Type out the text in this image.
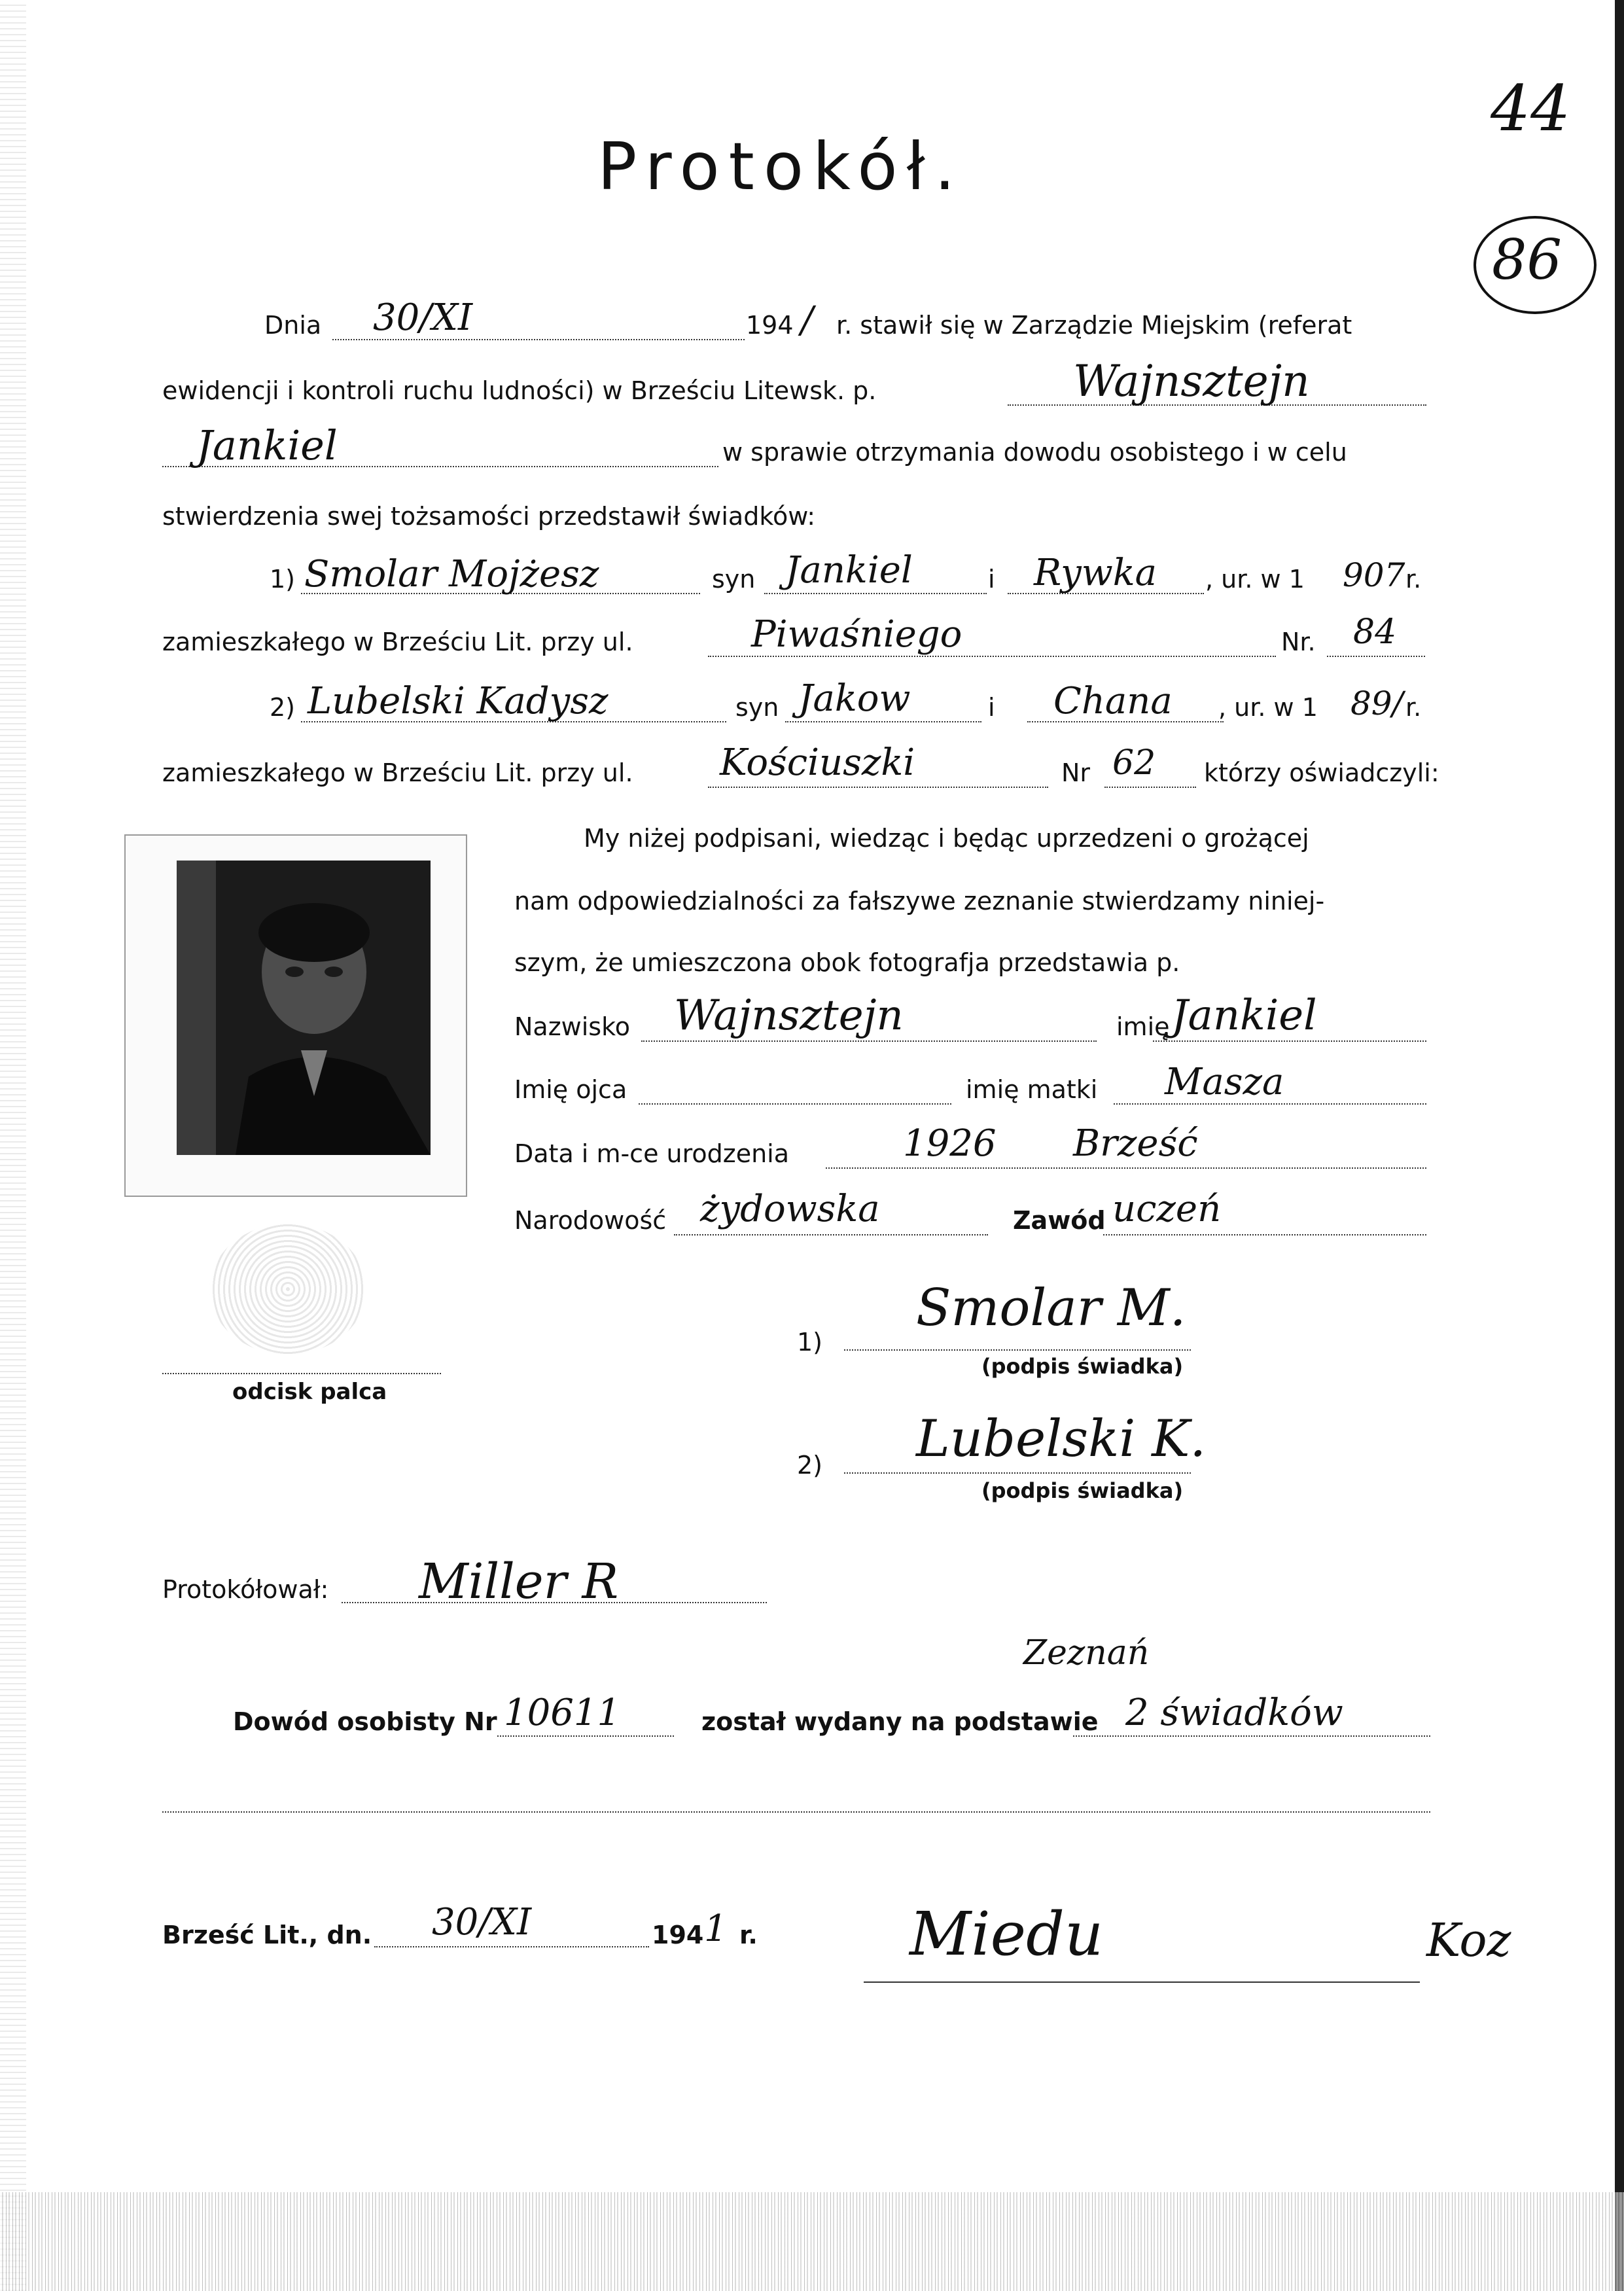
44
86
Protokół.
Dnia 30/XI	194 / r. stawił się w Zarządzie Miejskim (referat
ewidencji i kontroli ruchu ludności) w Brześciu Litewsk. p.	Wajnsztejn
Jankiel	w sprawie otrzymania dowodu osobistego i w celu
stwierdzenia swej tożsamości przedstawił świadków:
1) Smolar Mojżesz	syn Jankiel	i Rywka , ur. w 1 907 r.
zamieszkałego w Brześciu Lit. przy ul.	Piwaśniego	Nr. 84
2) Lubelski Kadysz	syn Jakow	i Chana , ur. w 1 89/ r.
zamieszkałego w Brześciu Lit. przy ul. Kościuszki	Nr 62 którzy oświadczyli:
My niżej podpisani, wiedząc i będąc uprzedzeni o grożącej
nam odpowiedzialności za fałszywe zeznanie stwierdzamy niniej-
szym, że umieszczona obok fotografja przedstawia p.
Nazwisko Wajnsztejn	imię Jankiel
Imię ojca	imię matki Masza
Data i m-ce urodzenia	1926 Brześć
Narodowość żydowska	Zawód uczeń
odcisk palca
1)
Smolar M.
(podpis świadka)
2) Lubelski K.
(podpis świadka)
Protokółował: Miller R
Zeznań
Dowód osobisty Nr 10611	został wydany na podstawie 2 świadków
Brześć Lit., dn. 30/XI	194 1 r.	Miedu	Koz
